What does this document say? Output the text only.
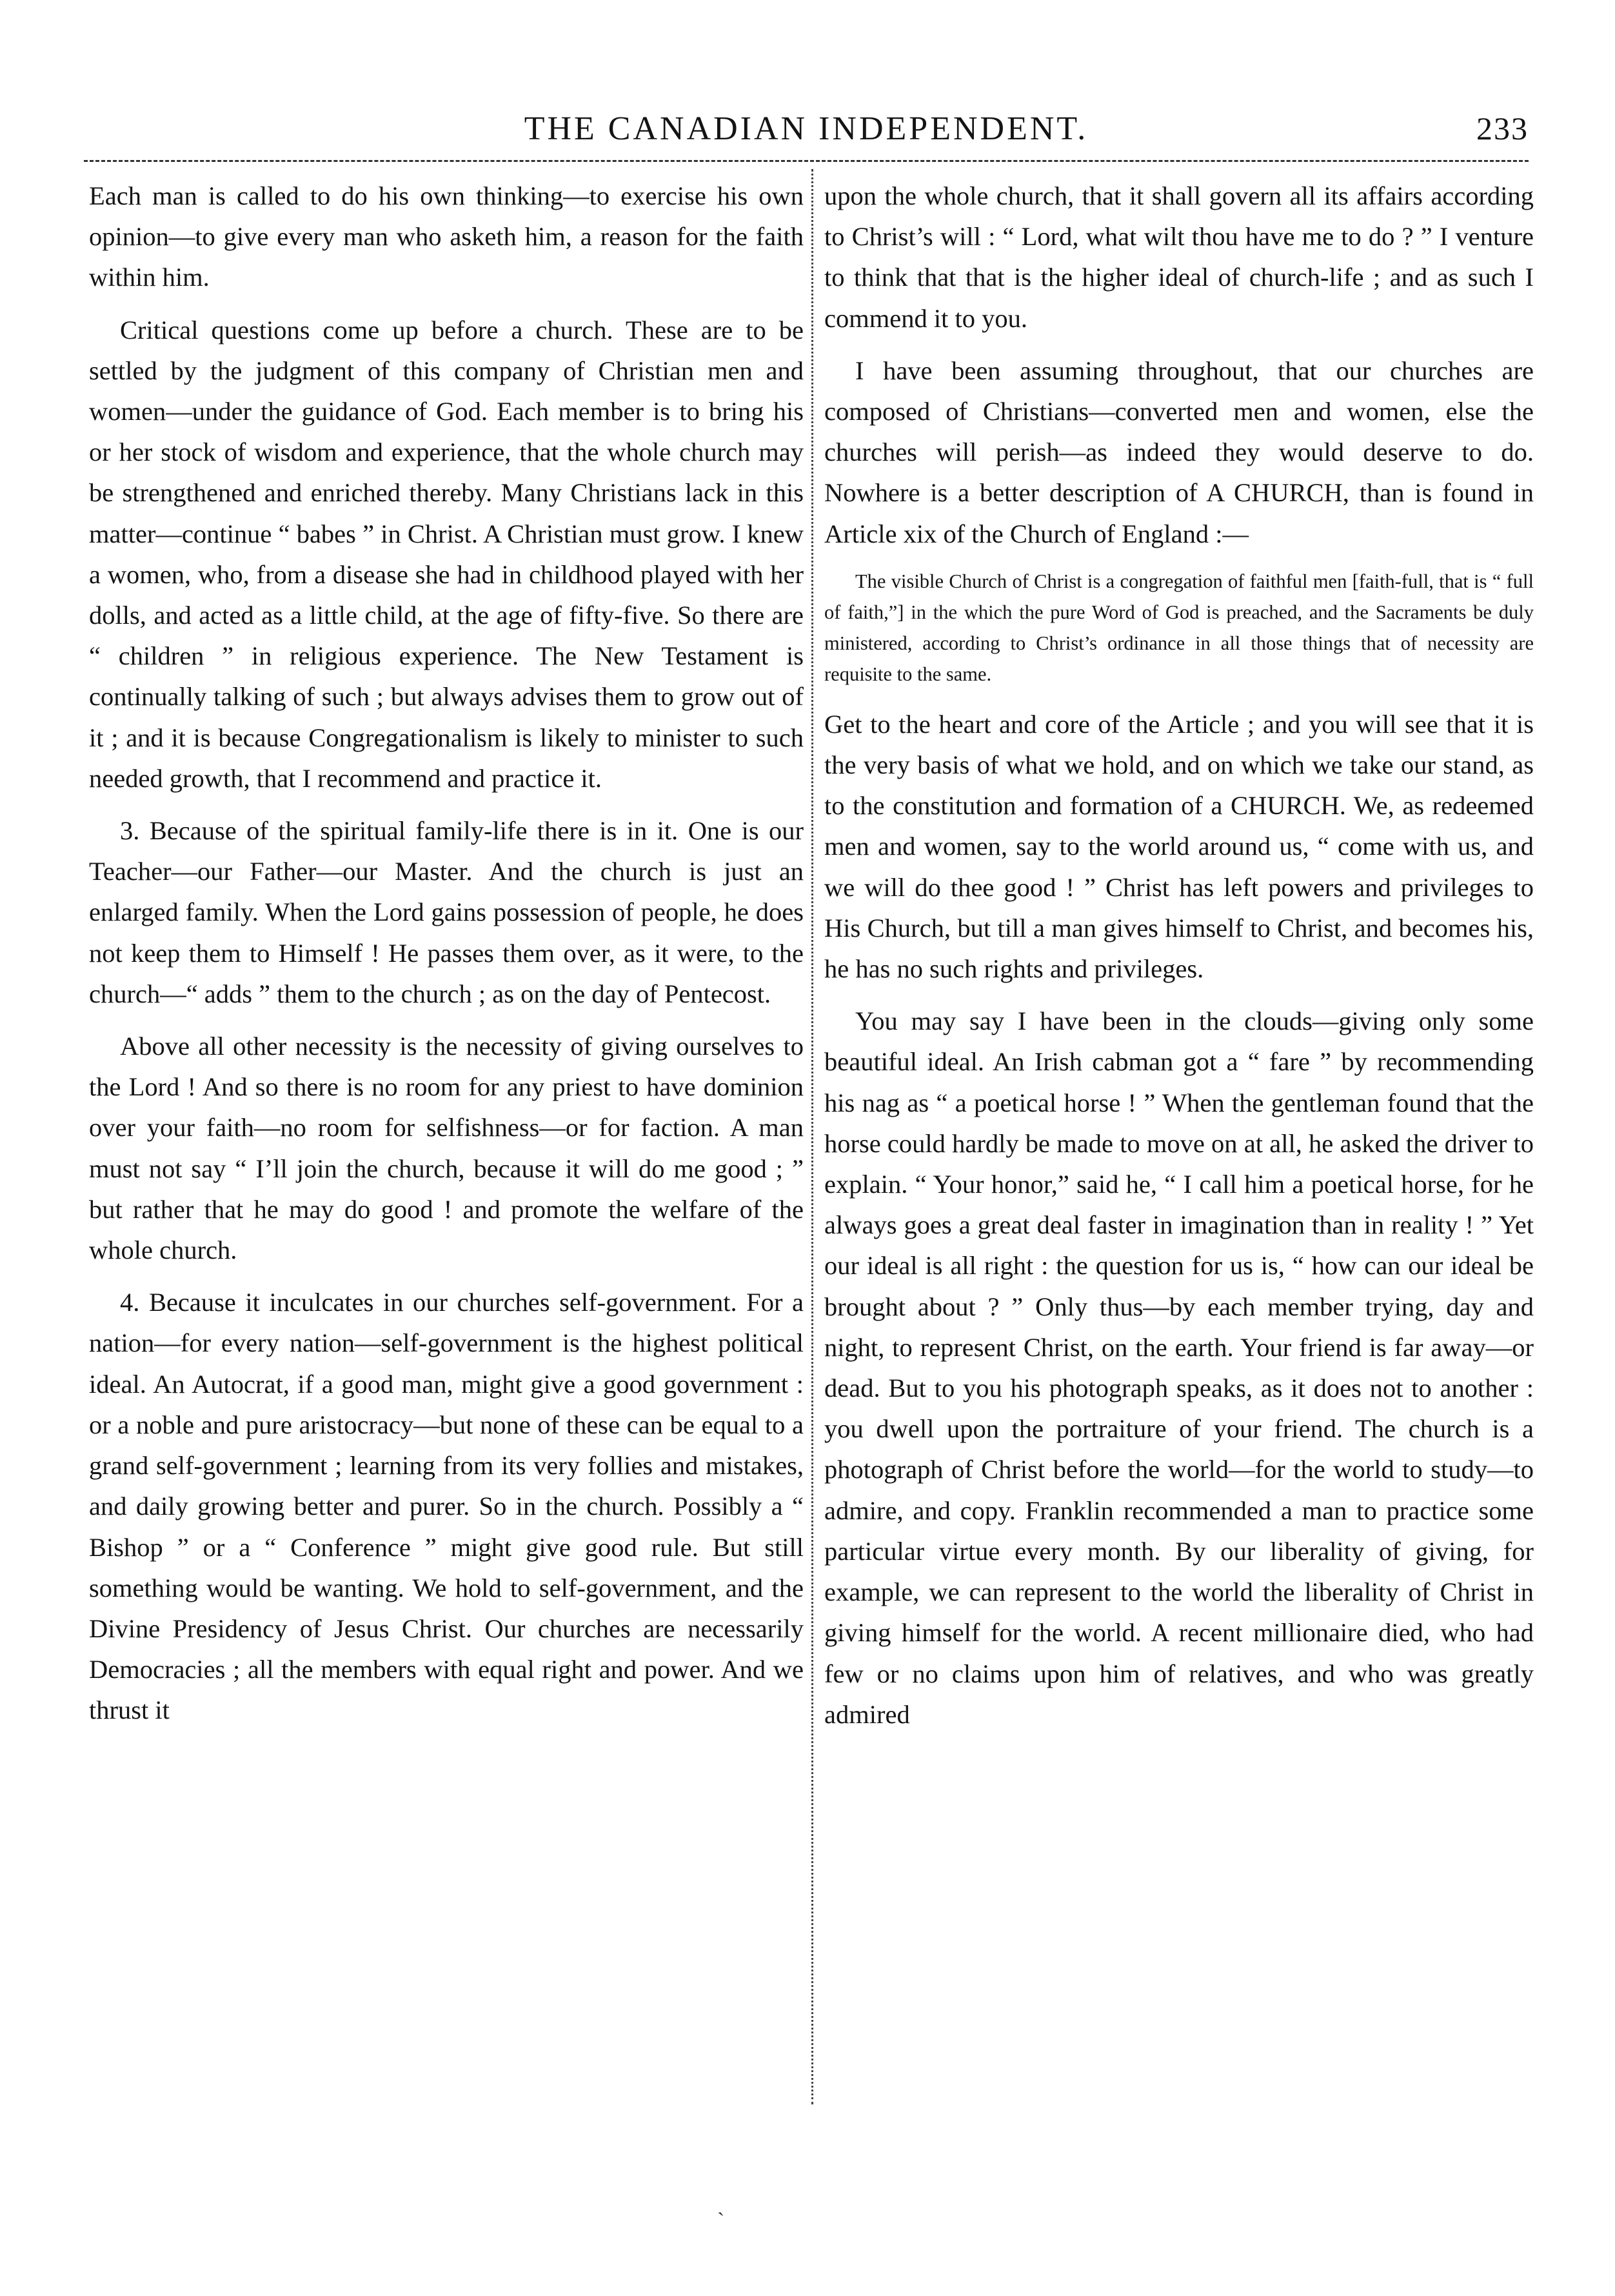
THE CANADIAN INDEPENDENT.	233

Each man is called to do his own thinking—to exercise his own opinion—to give every man who asketh him, a reason for the faith within him.

Critical questions come up before a church. These are to be settled by the judgment of this company of Christian men and women—under the guidance of God. Each member is to bring his or her stock of wisdom and experience, that the whole church may be strengthened and enriched thereby. Many Christians lack in this matter—continue “ babes ” in Christ. A Christian must grow. I knew a women, who, from a disease she had in childhood played with her dolls, and acted as a little child, at the age of fifty-five. So there are “ children ” in religious experience. The New Testament is continually talking of such ; but always advises them to grow out of it ; and it is because Congregationalism is likely to minister to such needed growth, that I recommend and practice it.

3. Because of the spiritual family-life there is in it. One is our Teacher—our Father—our Master. And the church is just an enlarged family. When the Lord gains possession of people, he does not keep them to Himself ! He passes them over, as it were, to the church—“ adds ” them to the church ; as on the day of Pentecost.

Above all other necessity is the necessity of giving ourselves to the Lord ! And so there is no room for any priest to have dominion over your faith—no room for selfishness—or for faction. A man must not say “ I’ll join the church, because it will do me good ; ” but rather that he may do good ! and promote the welfare of the whole church.

4. Because it inculcates in our churches self-government. For a nation—for every nation—self-government is the highest political ideal. An Autocrat, if a good man, might give a good government : or a noble and pure aristocracy—but none of these can be equal to a grand self-government ; learning from its very follies and mistakes, and daily growing better and purer. So in the church. Possibly a “ Bishop ” or a “ Conference ” might give good rule. But still something would be wanting. We hold to self-government, and the Divine Presidency of Jesus Christ. Our churches are necessarily Democracies ; all the members with equal right and power. And we thrust it

upon the whole church, that it shall govern all its affairs according to Christ’s will : “ Lord, what wilt thou have me to do ? ” I venture to think that that is the higher ideal of church-life ; and as such I commend it to you.

I have been assuming throughout, that our churches are composed of Christians—converted men and women, else the churches will perish—as indeed they would deserve to do. Nowhere is a better description of A CHURCH, than is found in Article xix of the Church of England :—

The visible Church of Christ is a congregation of faithful men [faith-full, that is “ full of faith,”] in the which the pure Word of God is preached, and the Sacraments be duly ministered, according to Christ’s ordinance in all those things that of necessity are requisite to the same.

Get to the heart and core of the Article ; and you will see that it is the very basis of what we hold, and on which we take our stand, as to the constitution and formation of a CHURCH. We, as redeemed men and women, say to the world around us, “ come with us, and we will do thee good ! ” Christ has left powers and privileges to His Church, but till a man gives himself to Christ, and becomes his, he has no such rights and privileges.

You may say I have been in the clouds—giving only some beautiful ideal. An Irish cabman got a “ fare ” by recommending his nag as “ a poetical horse ! ” When the gentleman found that the horse could hardly be made to move on at all, he asked the driver to explain. “ Your honor,” said he, “ I call him a poetical horse, for he always goes a great deal faster in imagination than in reality ! ” Yet our ideal is all right : the question for us is, “ how can our ideal be brought about ? ” Only thus—by each member trying, day and night, to represent Christ, on the earth. Your friend is far away—or dead. But to you his photograph speaks, as it does not to another : you dwell upon the portraiture of your friend. The church is a photograph of Christ before the world—for the world to study—to admire, and copy. Franklin recommended a man to practice some particular virtue every month. By our liberality of giving, for example, we can represent to the world the liberality of Christ in giving himself for the world. A recent millionaire died, who had few or no claims upon him of relatives, and who was greatly admired

ˎ
